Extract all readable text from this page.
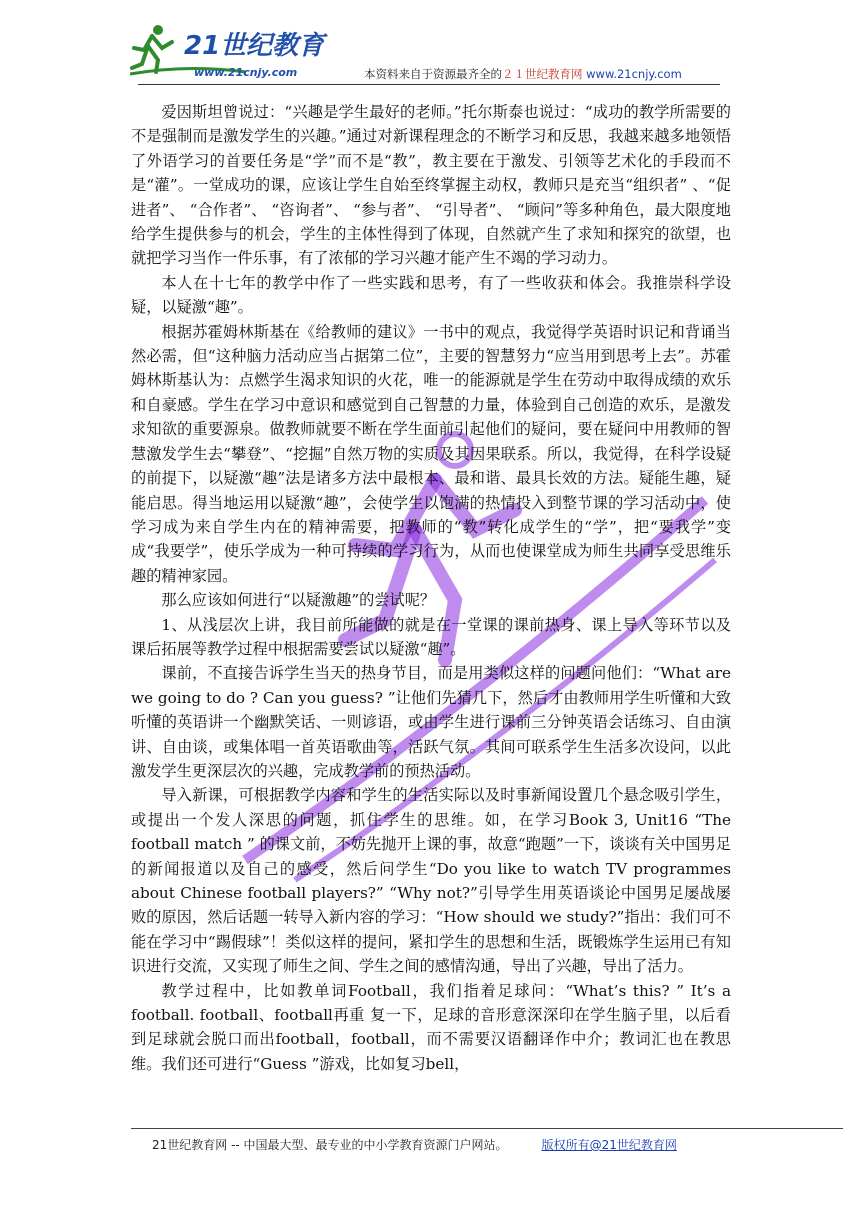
21世纪教育
www.21cnjy.com	本资料来自于资源最齐全的２１世纪教育网 www.21cnjy.com

爱因斯坦曾说过：“兴趣是学生最好的老师。”托尔斯泰也说过：“成功的教学所需要的不是强制而是激发学生的兴趣。”通过对新课程理念的不断学习和反思，我越来越多地领悟了外语学习的首要任务是“学”而不是“教”，教主要在于激发、引领等艺术化的手段而不是“灌”。一堂成功的课，应该让学生自始至终掌握主动权，教师只是充当“组织者” 、“促进者”、 “合作者”、 “咨询者”、 “参与者”、 “引导者”、 “顾问”等多种角色，最大限度地给学生提供参与的机会，学生的主体性得到了体现，自然就产生了求知和探究的欲望，也就把学习当作一件乐事，有了浓郁的学习兴趣才能产生不竭的学习动力。

本人在十七年的教学中作了一些实践和思考，有了一些收获和体会。我推崇科学设疑，以疑激“趣”。

根据苏霍姆林斯基在《给教师的建议》一书中的观点，我觉得学英语时识记和背诵当然必需，但“这种脑力活动应当占据第二位”，主要的智慧努力“应当用到思考上去”。苏霍姆林斯基认为：点燃学生渴求知识的火花，唯一的能源就是学生在劳动中取得成绩的欢乐和自豪感。学生在学习中意识和感觉到自己智慧的力量，体验到自己创造的欢乐，是激发求知欲的重要源泉。做教师就要不断在学生面前引起他们的疑问，要在疑问中用教师的智慧激发学生去“攀登”、“挖掘”自然万物的实质及其因果联系。所以，我觉得，在科学设疑的前提下，以疑激“趣”法是诸多方法中最根本、最和谐、最具长效的方法。疑能生趣，疑能启思。得当地运用以疑激“趣”，会使学生以饱满的热情投入到整节课的学习活动中，使学习成为来自学生内在的精神需要，把教师的“教”转化成学生的“学”，把“要我学”变成“我要学”，使乐学成为一种可持续的学习行为，从而也使课堂成为师生共同享受思维乐趣的精神家园。

那么应该如何进行“以疑激趣”的尝试呢？

1、从浅层次上讲，我目前所能做的就是在一堂课的课前热身、课上导入等环节以及课后拓展等教学过程中根据需要尝试以疑激“趣”。

课前，不直接告诉学生当天的热身节目，而是用类似这样的问题问他们：“What are we going to do ? Can you guess? ”让他们先猜几下，然后才由教师用学生听懂和大致听懂的英语讲一个幽默笑话、一则谚语，或由学生进行课前三分钟英语会话练习、自由演讲、自由谈，或集体唱一首英语歌曲等，活跃气氛。其间可联系学生生活多次设问，以此激发学生更深层次的兴趣，完成教学前的预热活动。

导入新课，可根据教学内容和学生的生活实际以及时事新闻设置几个悬念吸引学生，或提出一个发人深思的问题，抓住学生的思维。如，在学习Book 3, Unit16 “The football match ” 的课文前，不妨先抛开上课的事，故意“跑题”一下，谈谈有关中国男足的新闻报道以及自己的感受，然后问学生“Do you like to watch TV programmes about Chinese football players?” “Why not?”引导学生用英语谈论中国男足屡战屡败的原因，然后话题一转导入新内容的学习：“How should we study?”指出：我们可不能在学习中“踢假球”！类似这样的提问，紧扣学生的思想和生活，既锻炼学生运用已有知识进行交流，又实现了师生之间、学生之间的感情沟通，导出了兴趣，导出了活力。

教学过程中，比如教单词Football，我们指着足球问：“What’s this? ” It’s a football. football、football再重 复一下，足球的音形意深深印在学生脑子里，以后看到足球就会脱口而出football，football，而不需要汉语翻译作中介；教词汇也在教思维。我们还可进行“Guess ”游戏，比如复习bell，

21世纪教育网 -- 中国最大型、最专业的中小学教育资源门户网站。	版权所有@21世纪教育网
